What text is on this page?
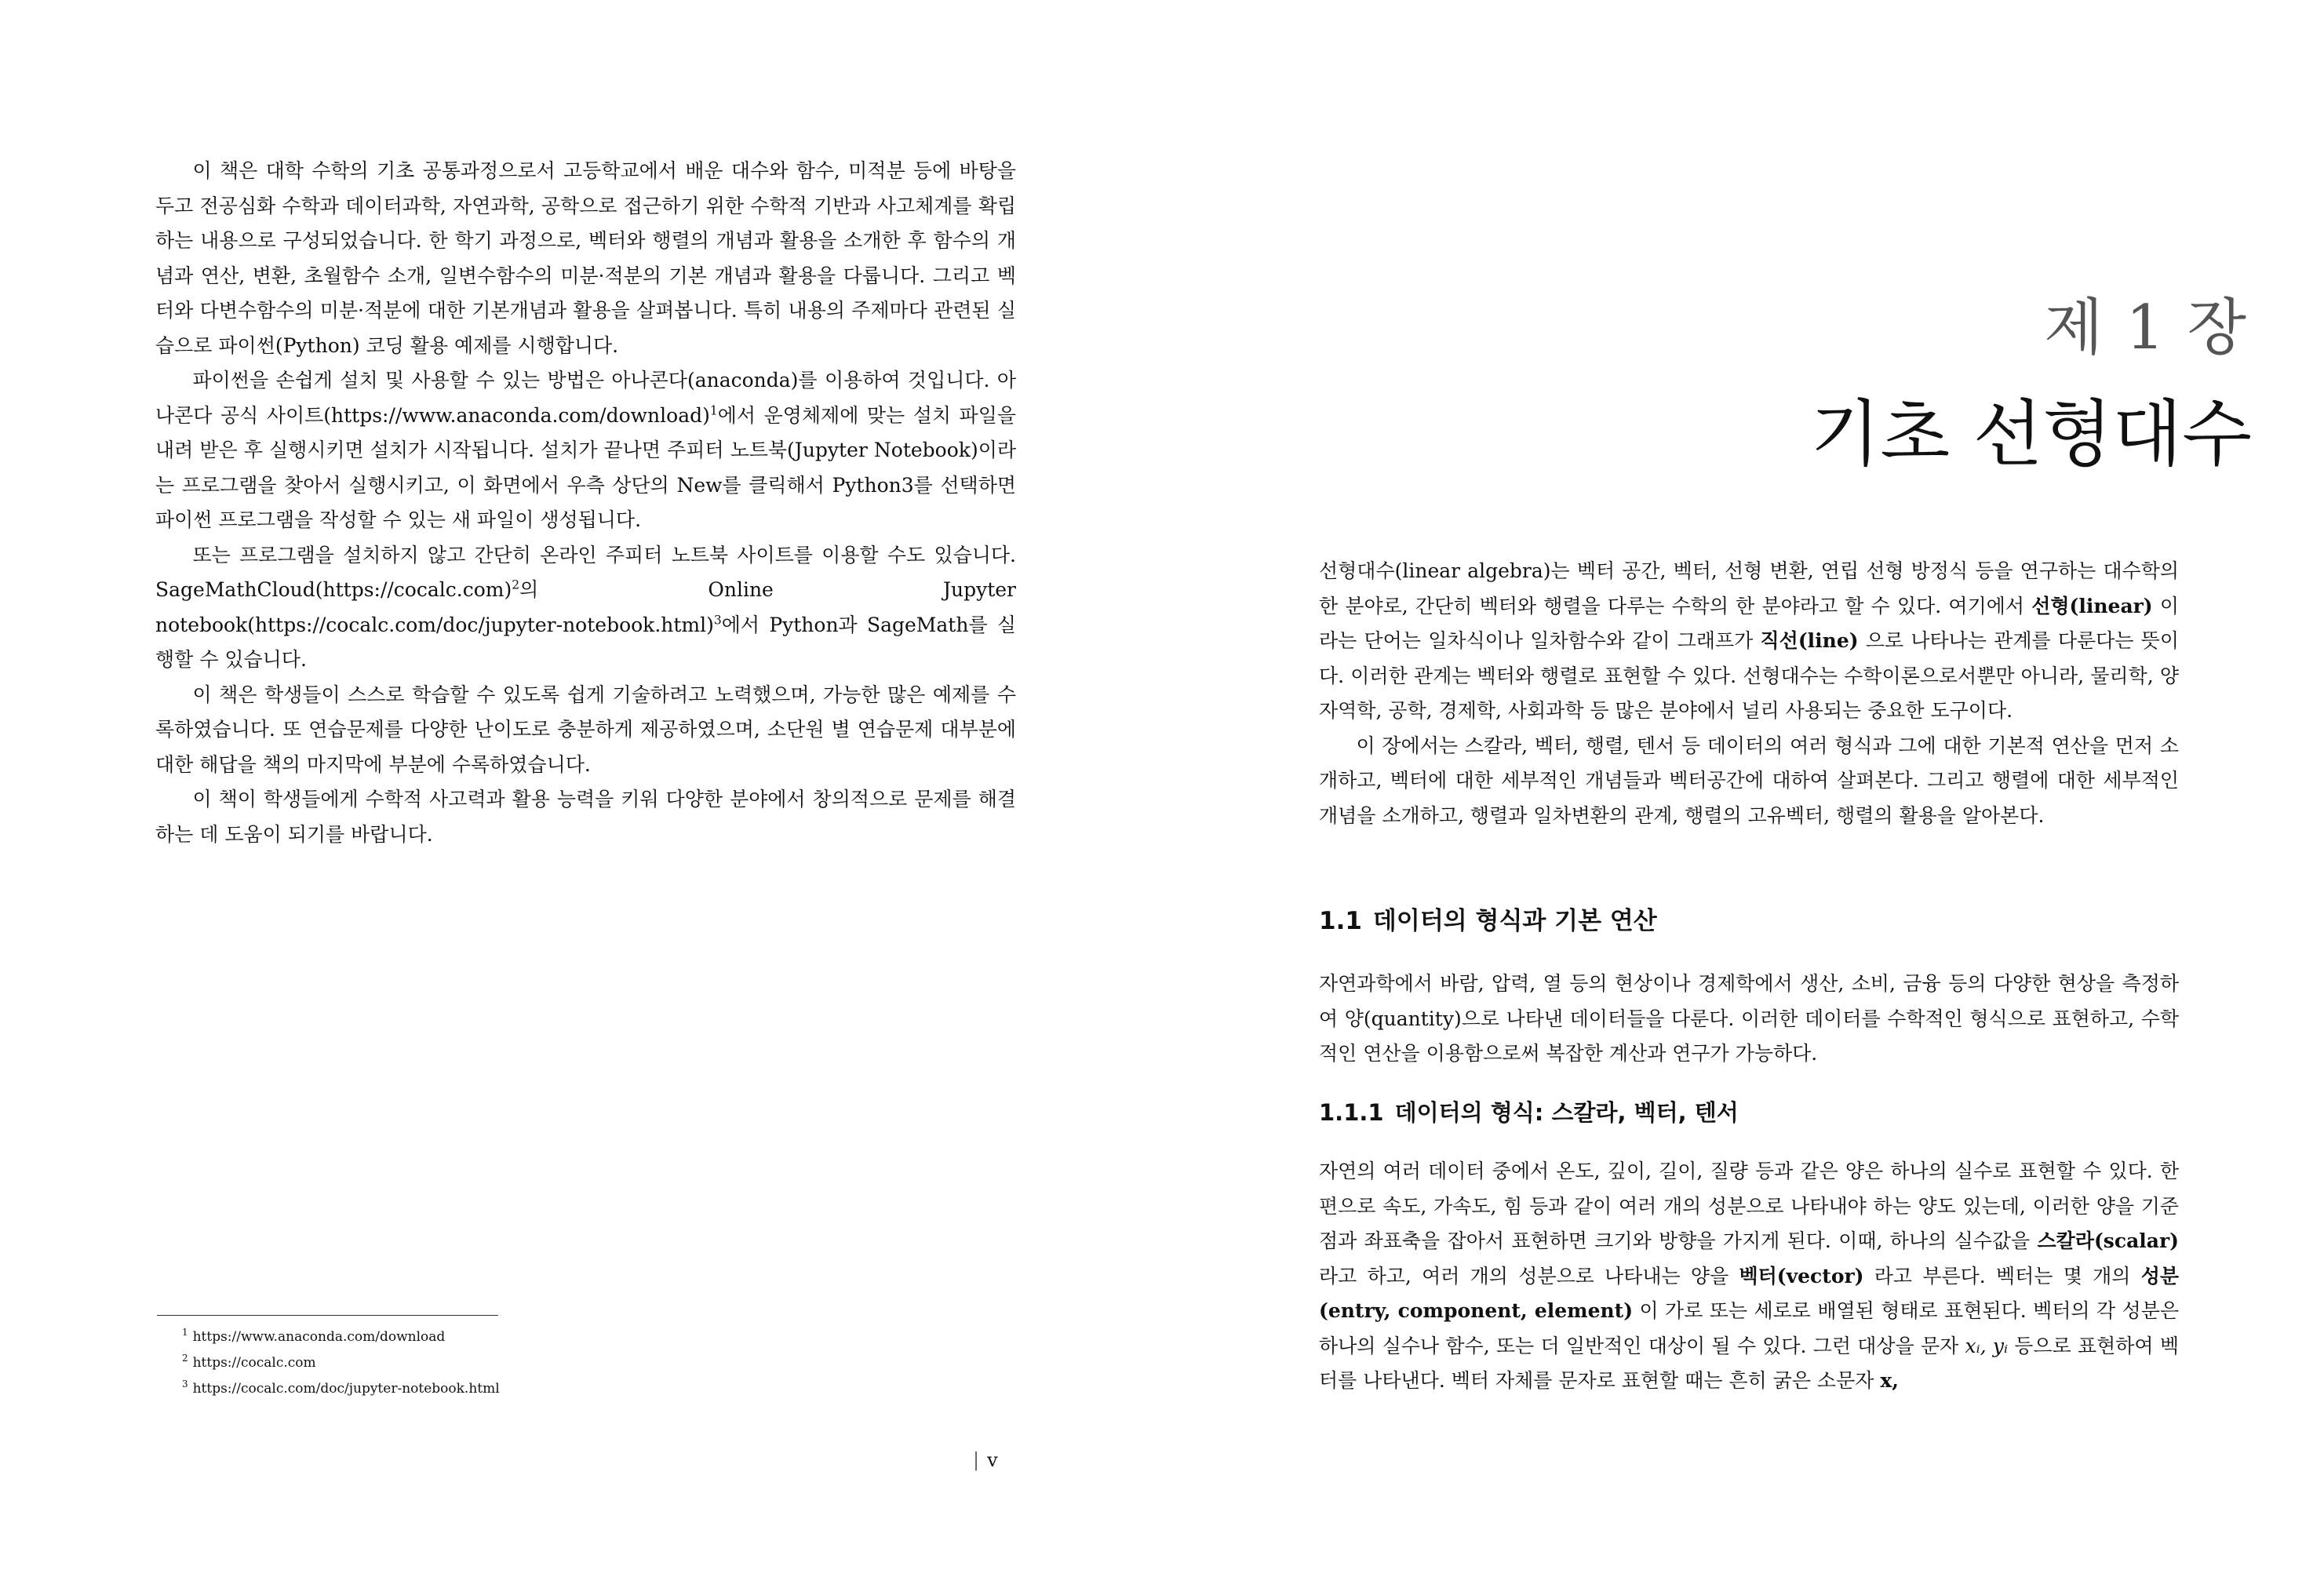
이 책은 대학 수학의 기초 공통과정으로서 고등학교에서 배운 대수와 함수, 미적분 등에 바탕을 두고 전공심화 수학과 데이터과학, 자연과학, 공학으로 접근하기 위한 수학적 기반과 사고체계를 확립하는 내용으로 구성되었습니다. 한 학기 과정으로, 벡터와 행렬의 개념과 활용을 소개한 후 함수의 개념과 연산, 변환, 초월함수 소개, 일변수함수의 미분·적분의 기본 개념과 활용을 다룹니다. 그리고 벡터와 다변수함수의 미분·적분에 대한 기본개념과 활용을 살펴봅니다. 특히 내용의 주제마다 관련된 실습으로 파이썬(Python) 코딩 활용 예제를 시행합니다.

파이썬을 손쉽게 설치 및 사용할 수 있는 방법은 아나콘다(anaconda)를 이용하여 것입니다. 아나콘다 공식 사이트(https://www.anaconda.com/download)$^1$에서 운영체제에 맞는 설치 파일을 내려 받은 후 실행시키면 설치가 시작됩니다. 설치가 끝나면 주피터 노트북(Jupyter Notebook)이라는 프로그램을 찾아서 실행시키고, 이 화면에서 우측 상단의 New를 클릭해서 Python3를 선택하면 파이썬 프로그램을 작성할 수 있는 새 파일이 생성됩니다.

또는 프로그램을 설치하지 않고 간단히 온라인 주피터 노트북 사이트를 이용할 수도 있습니다. SageMathCloud(https://cocalc.com)$^2$의 Online Jupyter notebook(https://cocalc.com/doc/jupyter-notebook.html)$^3$에서 Python과 SageMath를 실행할 수 있습니다.

이 책은 학생들이 스스로 학습할 수 있도록 쉽게 기술하려고 노력했으며, 가능한 많은 예제를 수록하였습니다. 또 연습문제를 다양한 난이도로 충분하게 제공하였으며, 소단원 별 연습문제 대부분에 대한 해답을 책의 마지막에 부분에 수록하였습니다.

이 책이 학생들에게 수학적 사고력과 활용 능력을 키워 다양한 분야에서 창의적으로 문제를 해결하는 데 도움이 되기를 바랍니다.

$^1$ https://www.anaconda.com/download

$^2$ https://cocalc.com

$^3$ https://cocalc.com/doc/jupyter-notebook.html

| v
제 1 장
기초 선형대수

선형대수(linear algebra)는 벡터 공간, 벡터, 선형 변환, 연립 선형 방정식 등을 연구하는 대수학의 한 분야로, 간단히 벡터와 행렬을 다루는 수학의 한 분야라고 할 수 있다. 여기에서 선형(linear) 이라는 단어는 일차식이나 일차함수와 같이 그래프가 직선(line) 으로 나타나는 관계를 다룬다는 뜻이다. 이러한 관계는 벡터와 행렬로 표현할 수 있다. 선형대수는 수학이론으로서뿐만 아니라, 물리학, 양자역학, 공학, 경제학, 사회과학 등 많은 분야에서 널리 사용되는 중요한 도구이다.

이 장에서는 스칼라, 벡터, 행렬, 텐서 등 데이터의 여러 형식과 그에 대한 기본적 연산을 먼저 소개하고, 벡터에 대한 세부적인 개념들과 벡터공간에 대하여 살펴본다. 그리고 행렬에 대한 세부적인 개념을 소개하고, 행렬과 일차변환의 관계, 행렬의 고유벡터, 행렬의 활용을 알아본다.

1.1 데이터의 형식과 기본 연산

자연과학에서 바람, 압력, 열 등의 현상이나 경제학에서 생산, 소비, 금융 등의 다양한 현상을 측정하여 양(quantity)으로 나타낸 데이터들을 다룬다. 이러한 데이터를 수학적인 형식으로 표현하고, 수학적인 연산을 이용함으로써 복잡한 계산과 연구가 가능하다.

1.1.1 데이터의 형식: 스칼라, 벡터, 텐서

자연의 여러 데이터 중에서 온도, 깊이, 길이, 질량 등과 같은 양은 하나의 실수로 표현할 수 있다. 한편으로 속도, 가속도, 힘 등과 같이 여러 개의 성분으로 나타내야 하는 양도 있는데, 이러한 양을 기준점과 좌표축을 잡아서 표현하면 크기와 방향을 가지게 된다. 이때, 하나의 실수값을 스칼라(scalar) 라고 하고, 여러 개의 성분으로 나타내는 양을 벡터(vector) 라고 부른다. 벡터는 몇 개의 성분(entry, component, element) 이 가로 또는 세로로 배열된 형태로 표현된다. 벡터의 각 성분은 하나의 실수나 함수, 또는 더 일반적인 대상이 될 수 있다. 그런 대상을 문자 xᵢ, yᵢ 등으로 표현하여 벡터를 나타낸다. 벡터 자체를 문자로 표현할 때는 흔히 굵은 소문자 x,
